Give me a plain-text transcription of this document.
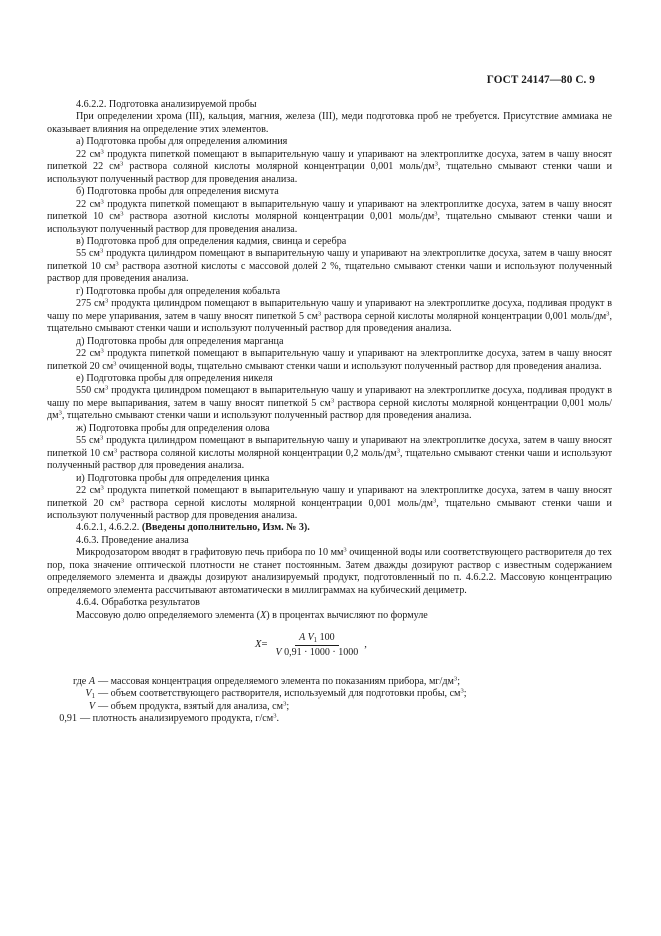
ГОСТ 24147—80 С. 9

4.6.2.2. Подготовка анализируемой пробы

При определении хрома (III), кальция, магния, железа (III), меди подготовка проб не требуется. Присутствие аммиака не оказывает влияния на определение этих элементов.

а) Подготовка пробы для определения алюминия

22 $см^3$ продукта пипеткой помещают в выпарительную чашу и упаривают на электроплитке досуха, затем в чашу вносят пипеткой 22 $см^3$ раствора соляной кислоты молярной концентрации 0,001 моль/$дм^3$, тщательно смывают стенки чаши и используют полученный раствор для проведения анализа.

б) Подготовка пробы для определения висмута

22 $см^3$ продукта пипеткой помещают в выпарительную чашу и упаривают на электроплитке досуха, затем в чашу вносят пипеткой 10 $см^3$ раствора азотной кислоты молярной концентрации 0,001 моль/$дм^3$, тщательно смывают стенки чаши и используют полученный раствор для проведения анализа.

в) Подготовка проб для определения кадмия, свинца и серебра

55 $см^3$ продукта цилиндром помещают в выпарительную чашу и упаривают на электроплитке досуха, затем в чашу вносят пипеткой 10 $см^3$ раствора азотной кислоты с массовой долей 2 %, тщательно смывают стенки чаши и используют полученный раствор для проведения анализа.

г) Подготовка пробы для определения кобальта

275 $см^3$ продукта цилиндром помещают в выпарительную чашу и упаривают на электроплитке досуха, подливая продукт в чашу по мере упаривания, затем в чашу вносят пипеткой 5 $см^3$ раствора серной кислоты молярной концентрации 0,001 моль/$дм^3$, тщательно смывают стенки чаши и используют полученный раствор для проведения анализа.

д) Подготовка пробы для определения марганца

22 $см^3$ продукта пипеткой помещают в выпарительную чашу и упаривают на электроплитке досуха, затем в чашу вносят пипеткой 20 $см^3$ очищенной воды, тщательно смывают стенки чаши и используют полученный раствор для проведения анализа.

е) Подготовка пробы для определения никеля

550 $см^3$ продукта цилиндром помещают в выпарительную чашу и упаривают на электроплитке досуха, подливая продукт в чашу по мере выпаривания, затем в чашу вносят пипеткой 5 $см^3$ раствора серной кислоты молярной концентрации 0,001 моль/$дм^3$, тщательно смывают стенки чаши и используют полученный раствор для проведения анализа.

ж) Подготовка пробы для определения олова

55 $см^3$ продукта цилиндром помещают в выпарительную чашу и упаривают на электроплитке досуха, затем в чашу вносят пипеткой 10 $см^3$ раствора соляной кислоты молярной концентрации 0,2 моль/$дм^3$, тщательно смывают стенки чаши и используют полученный раствор для проведения анализа.

и) Подготовка пробы для определения цинка

22 $см^3$ продукта пипеткой помещают в выпарительную чашу и упаривают на электроплитке досуха, затем в чашу вносят пипеткой 20 $см^3$ раствора серной кислоты молярной концентрации 0,001 моль/$дм^3$, тщательно смывают стенки чаши и используют полученный раствор для проведения анализа.

4.6.2.1, 4.6.2.2. (Введены дополнительно, Изм. № 3).

4.6.3. Проведение анализа

Микродозатором вводят в графитовую печь прибора по 10 $мм^3$ очищенной воды или соответствующего растворителя до тех пор, пока значение оптической плотности не станет постоянным. Затем дважды дозируют раствор с известным содержанием определяемого элемента и дважды дозируют анализируемый продукт, подготовленный по п. 4.6.2.2. Массовую концентрацию определяемого элемента рассчитывают автоматически в миллиграммах на кубический дециметр.

4.6.4. Обработка результатов

Массовую долю определяемого элемента (X) в процентах вычисляют по формуле

$X = \frac{A V_1 100}{V 0,91 \cdot 1000 \cdot 1000}$ ,
где A — массовая концентрация определяемого элемента по показаниям прибора, $мг/дм^3$;
$V_1$ — объем соответствующего растворителя, используемый для подготовки пробы, $см^3$;
V — объем продукта, взятый для анализа, $см^3$;
0,91 — плотность анализируемого продукта, $г/см^3$.
